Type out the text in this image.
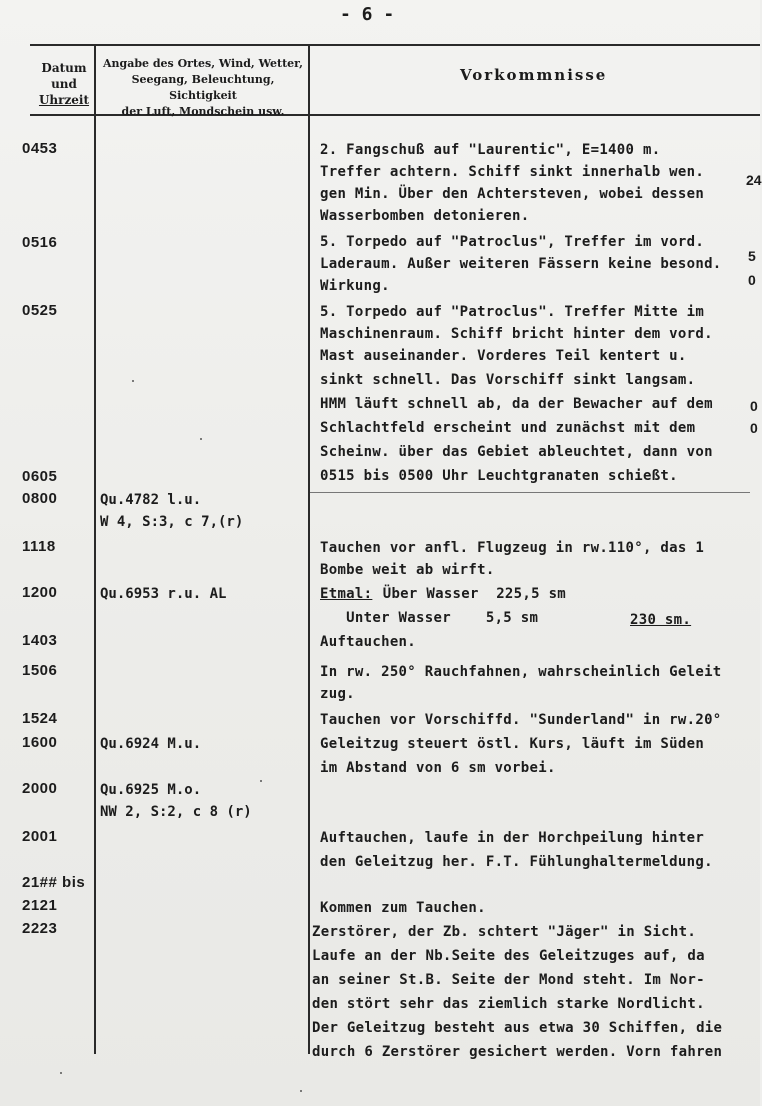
- 6 -
Datum
und
Uhrzeit
Angabe des Ortes, Wind, Wetter,
Seegang, Beleuchtung, Sichtigkeit
der Luft, Mondschein usw.
Vorkommnisse
0453
0516
0525
0605
0800
1118
1200
1403
1506
1524
1600
2000
2001
21## bis
2121
2223
Qu.4782 l.u.
W 4, S:3, c 7,(r)
Qu.6953 r.u. AL
Qu.6924 M.u.
Qu.6925 M.o.
NW 2, S:2, c 8 (r)
2. Fangschuß auf "Laurentic", E=1400 m.
Treffer achtern. Schiff sinkt innerhalb wen.
gen Min. Über den Achtersteven, wobei dessen
Wasserbomben detonieren.
5. Torpedo auf "Patroclus", Treffer im vord.
Laderaum. Außer weiteren Fässern keine besond.
Wirkung.
5. Torpedo auf "Patroclus". Treffer Mitte im
Maschinenraum. Schiff bricht hinter dem vord.
Mast auseinander. Vorderes Teil kentert u.
sinkt schnell. Das Vorschiff sinkt langsam.
HMM läuft schnell ab, da der Bewacher auf dem
Schlachtfeld erscheint und zunächst mit dem
Scheinw. über das Gebiet ableuchtet, dann von
0515 bis 0500 Uhr Leuchtgranaten schießt.
Tauchen vor anfl. Flugzeug in rw.110°, das 1
Bombe weit ab wirft.
Etmal: Über Wasser  225,5 sm
Unter Wasser    5,5 sm	230 sm.
Auftauchen.
In rw. 250° Rauchfahnen, wahrscheinlich Geleit
zug.
Tauchen vor Vorschiffd. "Sunderland" in rw.20°
Geleitzug steuert östl. Kurs, läuft im Süden
im Abstand von 6 sm vorbei.
Auftauchen, laufe in der Horchpeilung hinter
den Geleitzug her. F.T. Fühlunghaltermeldung.
Kommen zum Tauchen.
Zerstörer, der Zb. schtert "Jäger" in Sicht.
Laufe an der Nb.Seite des Geleitzuges auf, da
an seiner St.B. Seite der Mond steht. Im Nor-
den stört sehr das ziemlich starke Nordlicht.
Der Geleitzug besteht aus etwa 30 Schiffen, die
durch 6 Zerstörer gesichert werden. Vorn fahren
24
5
0
0
0
